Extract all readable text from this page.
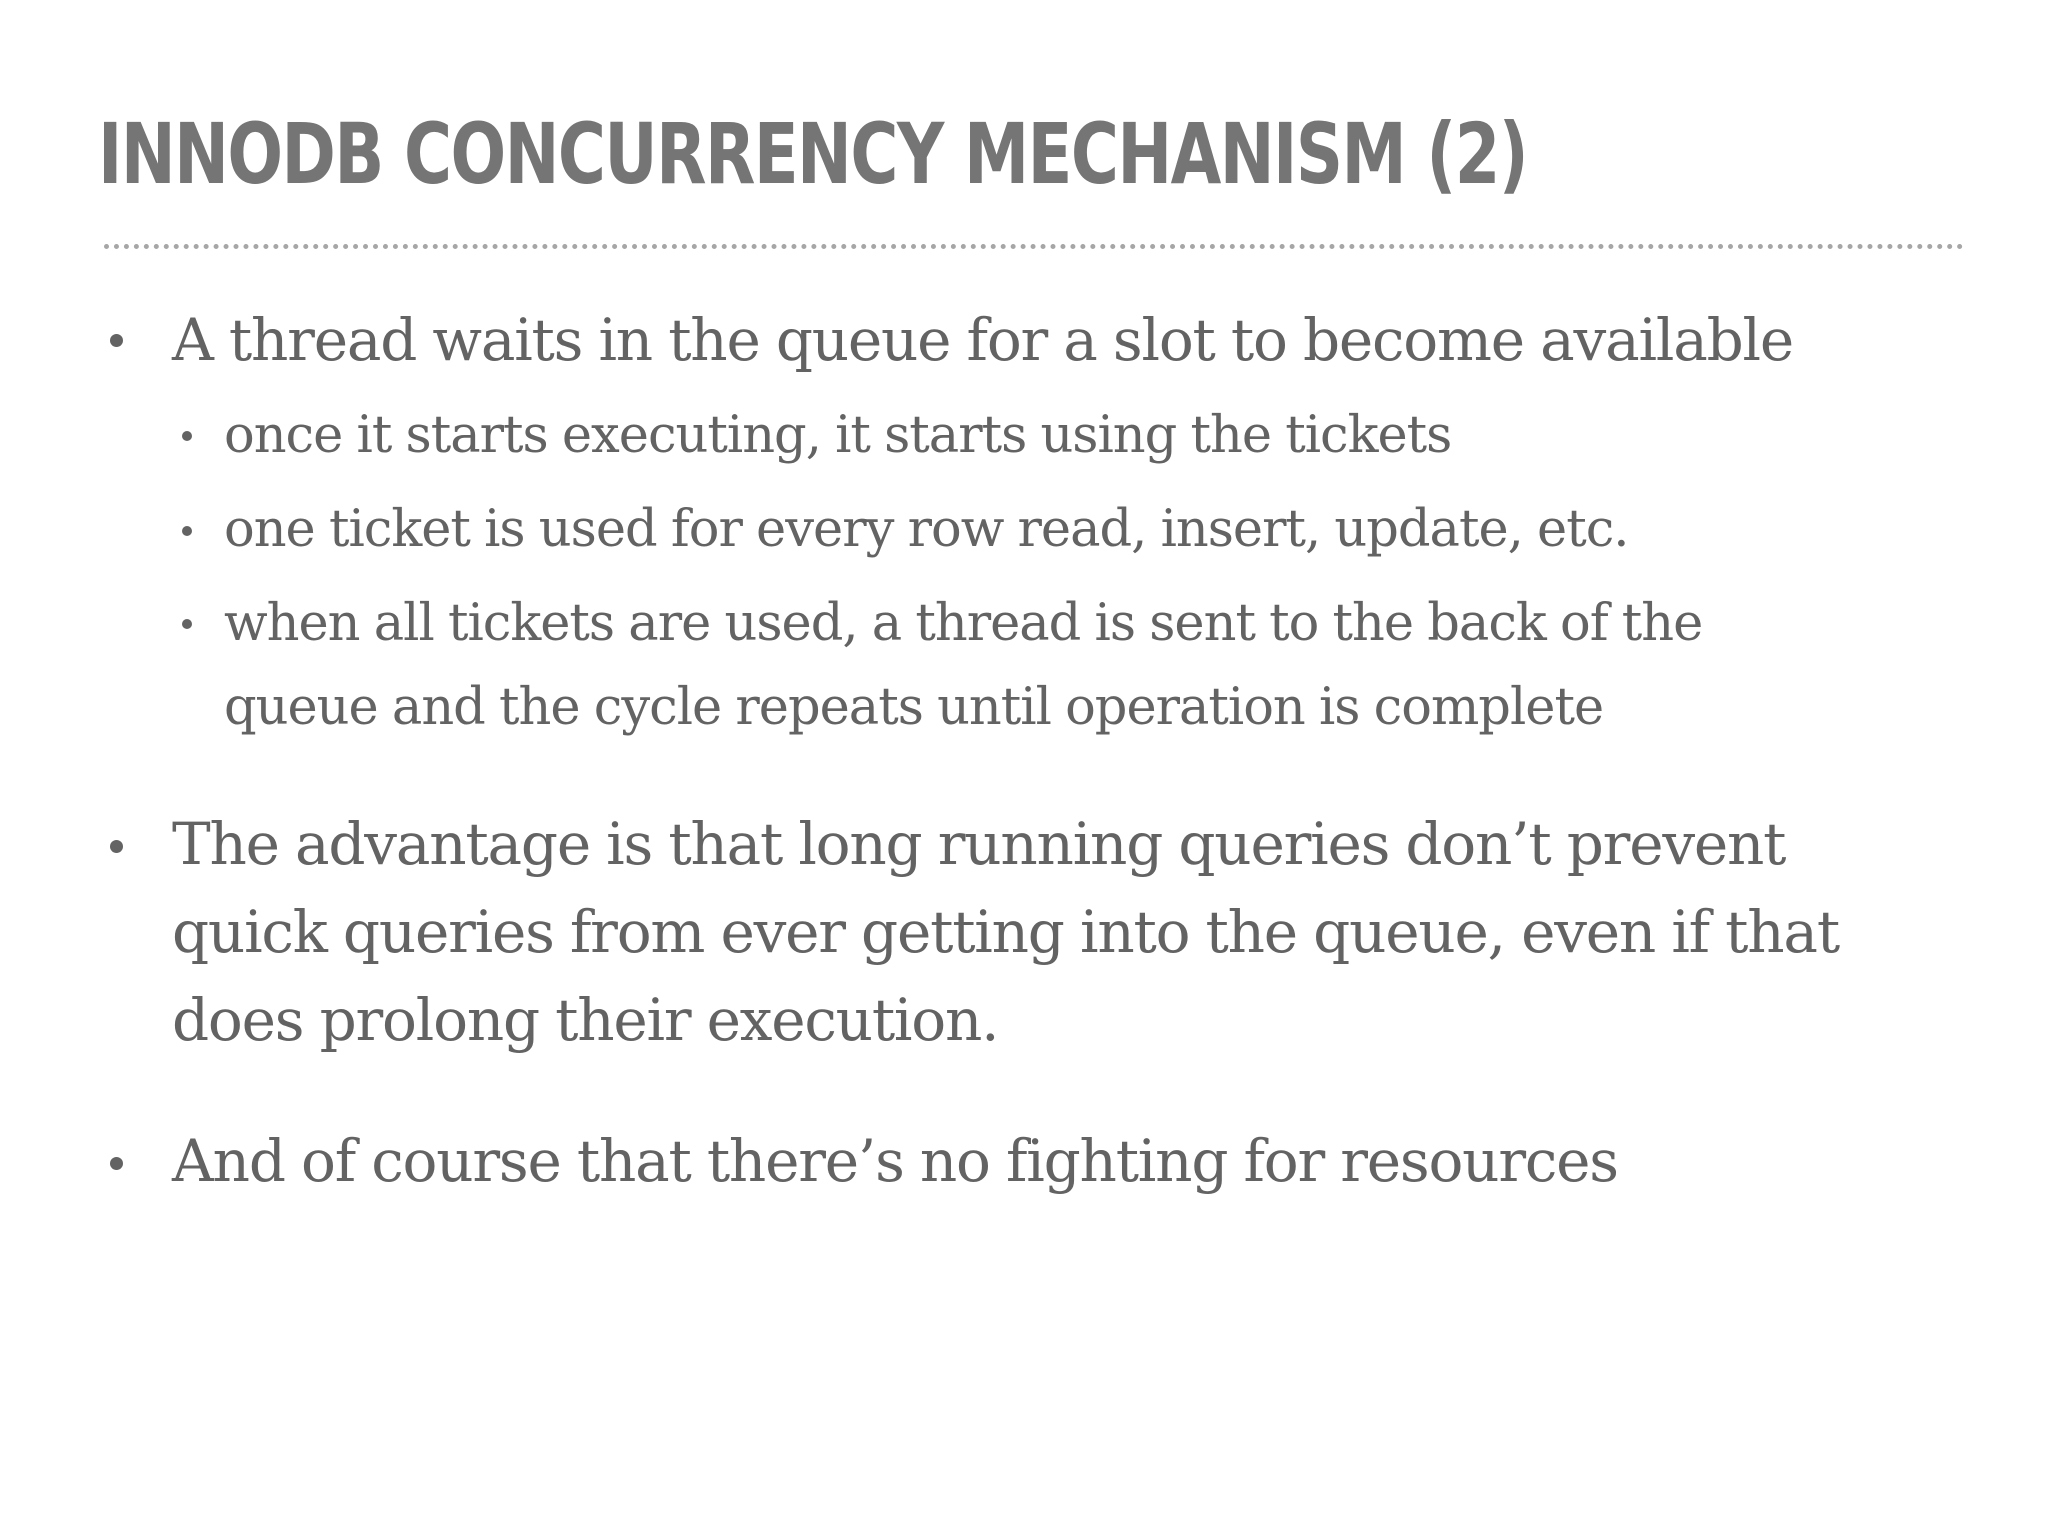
INNODB CONCURRENCY MECHANISM (2)
A thread waits in the queue for a slot to become available
once it starts executing, it starts using the tickets
one ticket is used for every row read, insert, update, etc.
when all tickets are used, a thread is sent to the back of the
queue and the cycle repeats until operation is complete
The advantage is that long running queries don’t prevent
quick queries from ever getting into the queue, even if that
does prolong their execution.
And of course that there’s no fighting for resources
